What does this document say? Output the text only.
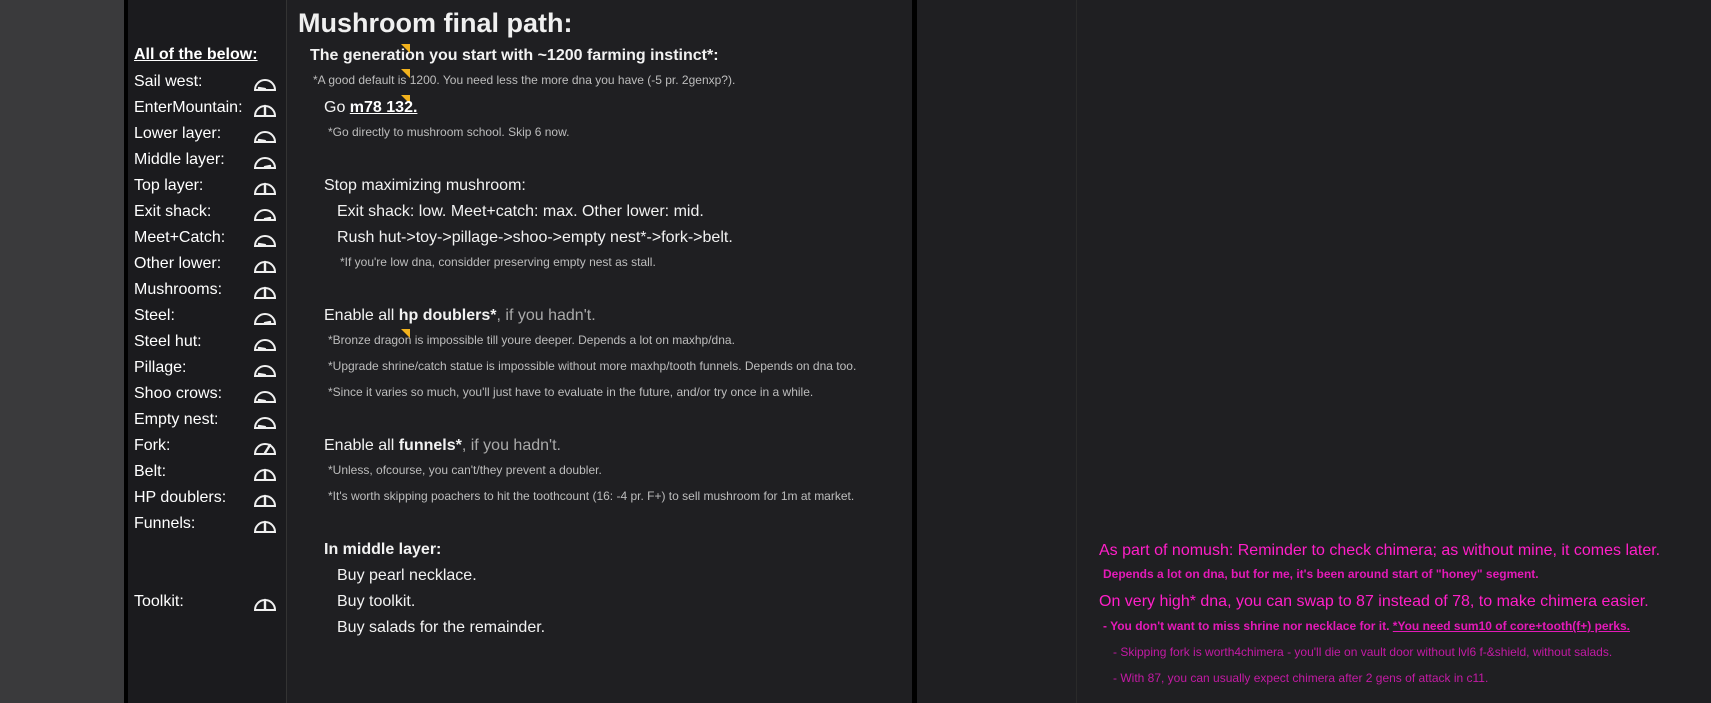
All of the below:
Sail west:
EnterMountain:
Lower layer:
Middle layer:
Top layer:
Exit shack:
Meet+Catch:
Other lower:
Mushrooms:
Steel:
Steel hut:
Pillage:
Shoo crows:
Empty nest:
Fork:
Belt:
HP doublers:
Funnels:
Toolkit:
Mushroom final path:
The generation you start with ~1200 farming instinct*:
*A good default is 1200. You need less the more dna you have (-5 pr. 2genxp?).
Go m78 132.
*Go directly to mushroom school. Skip 6 now.
Stop maximizing mushroom:
Exit shack: low. Meet+catch: max. Other lower: mid.
Rush hut->toy->pillage->shoo->empty nest*->fork->belt.
*If you're low dna, considder preserving empty nest as stall.
Enable all hp doublers*, if you hadn't.
*Bronze dragon is impossible till youre deeper. Depends a lot on maxhp/dna.
*Upgrade shrine/catch statue is impossible without more maxhp/tooth funnels. Depends on dna too.
*Since it varies so much, you'll just have to evaluate in the future, and/or try once in a while.
Enable all funnels*, if you hadn't.
*Unless, ofcourse, you can't/they prevent a doubler.
*It's worth skipping poachers to hit the toothcount (16: -4 pr. F+) to sell mushroom for 1m at market.
In middle layer:
Buy pearl necklace.
Buy toolkit.
Buy salads for the remainder.
As part of nomush: Reminder to check chimera; as without mine, it comes later.
Depends a lot on dna, but for me, it's been around start of "honey" segment.
On very high* dna, you can swap to 87 instead of 78, to make chimera easier.
- You don't want to miss shrine nor necklace for it. *You need sum10 of core+tooth(f+) perks.
- Skipping fork is worth4chimera - you'll die on vault door without lvl6 f-&shield, without salads.
- With 87, you can usually expect chimera after 2 gens of attack in c11.
